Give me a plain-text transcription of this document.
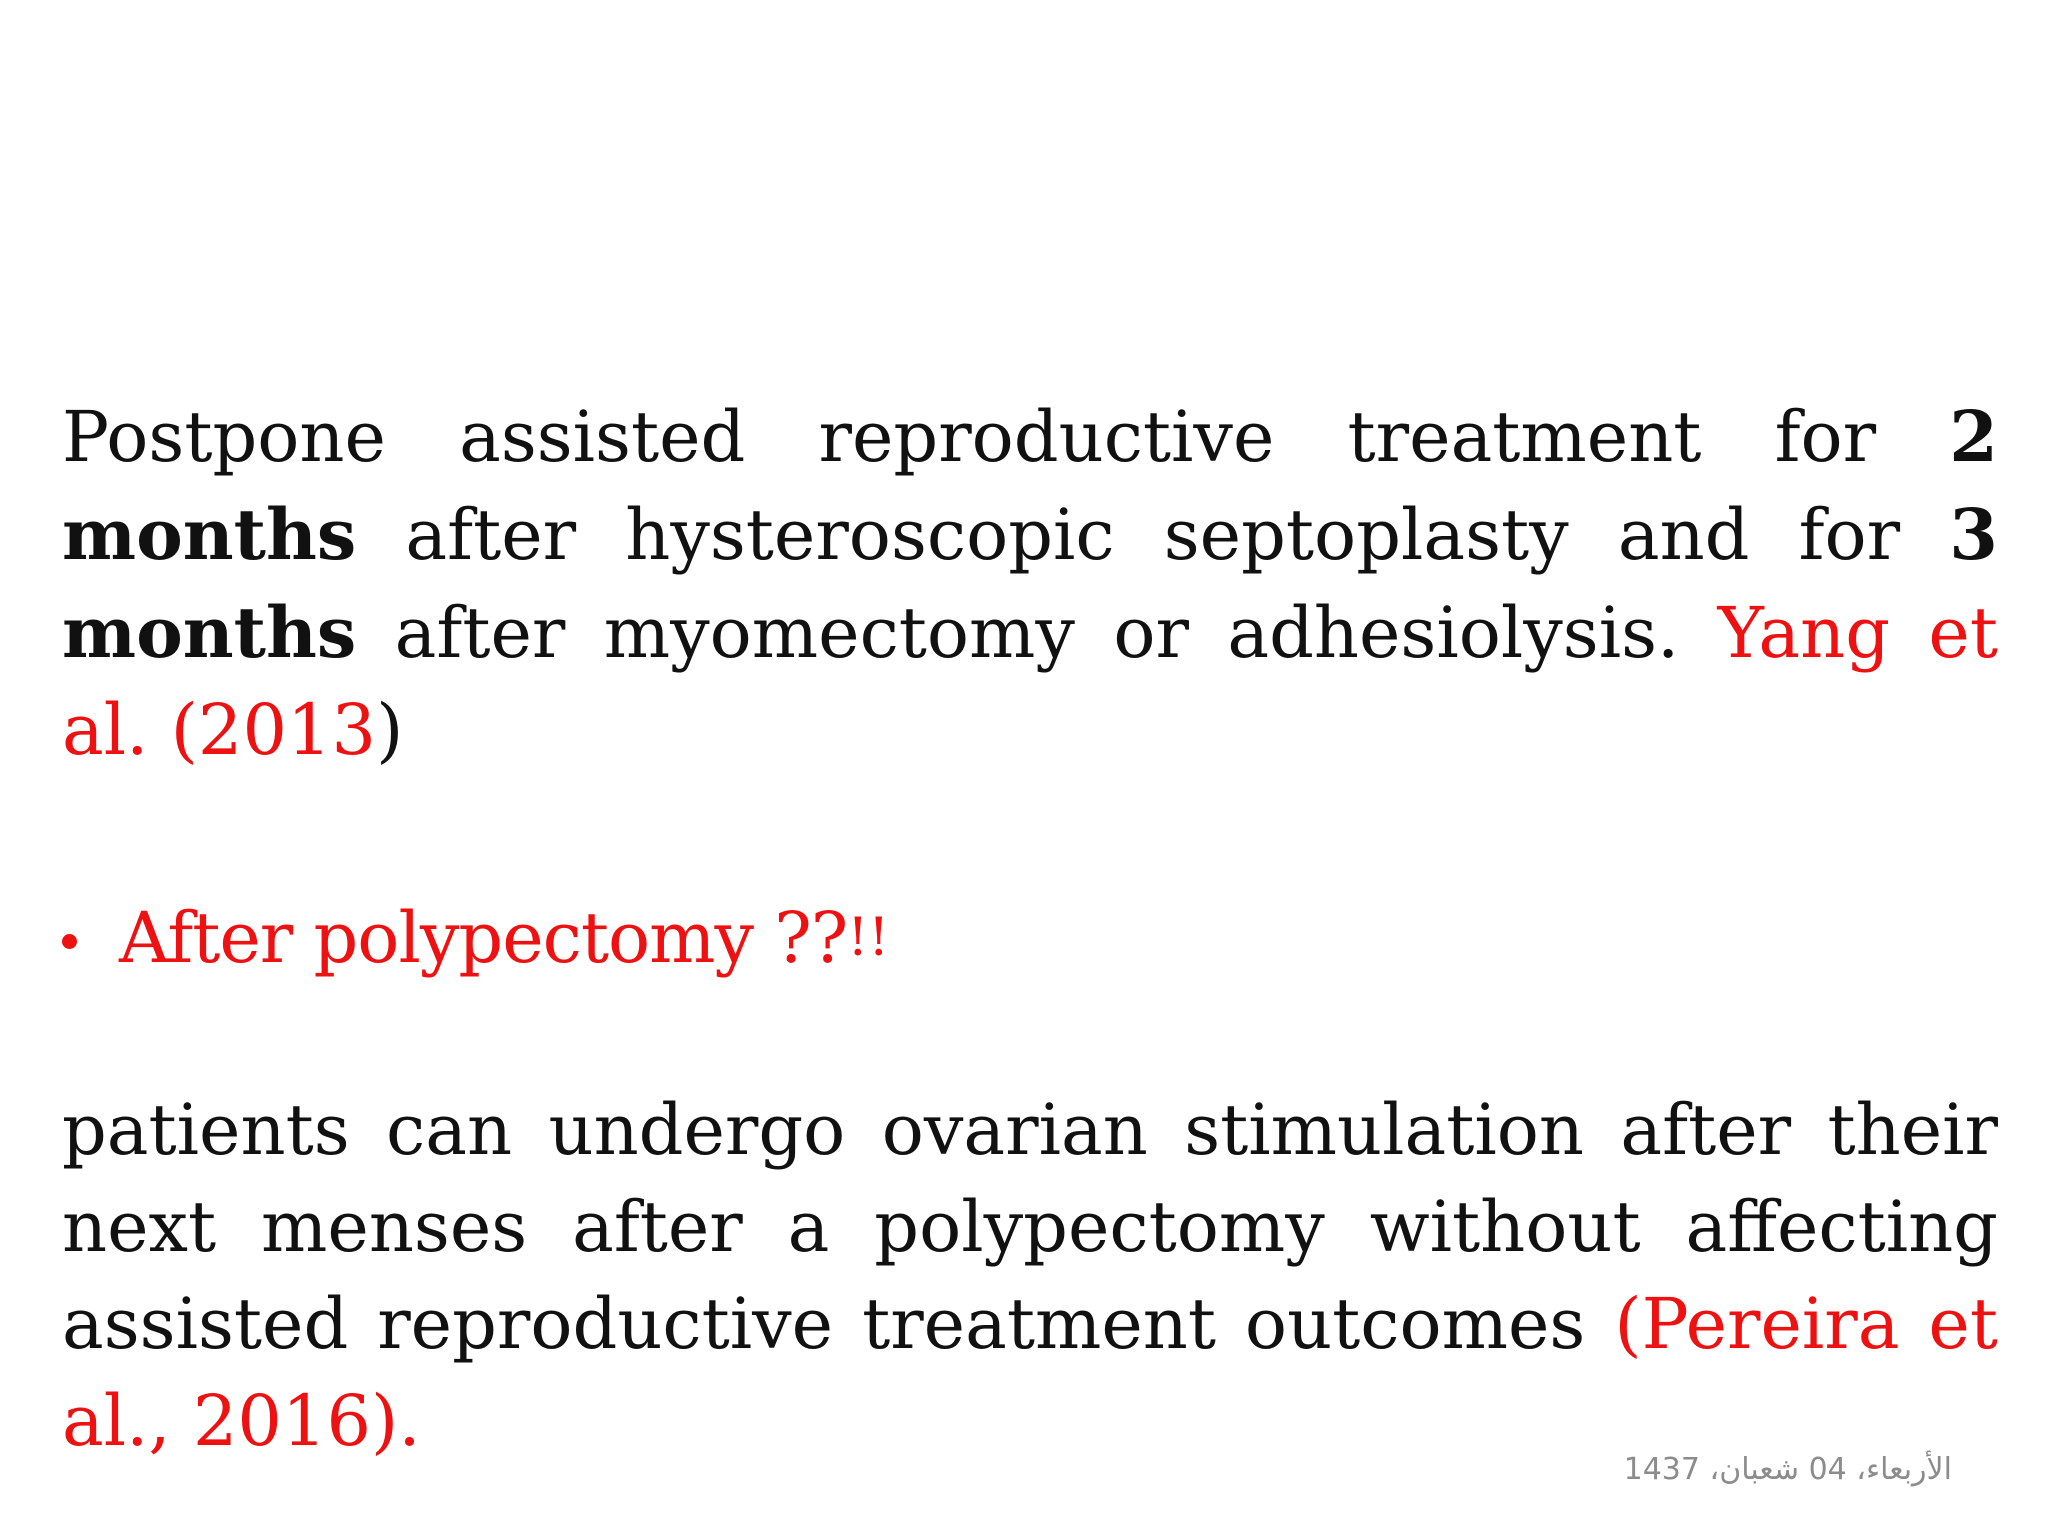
Postpone assisted reproductive treatment for 2 months after hysteroscopic septoplasty and for 3 months after myomectomy or adhesiolysis. Yang et al. (2013)

After polypectomy ?? !!

patients can undergo ovarian stimulation after their next menses after a polypectomy without affecting assisted reproductive treatment outcomes (Pereira et al., 2016).

الأربعاء، 04 شعبان، 1437
